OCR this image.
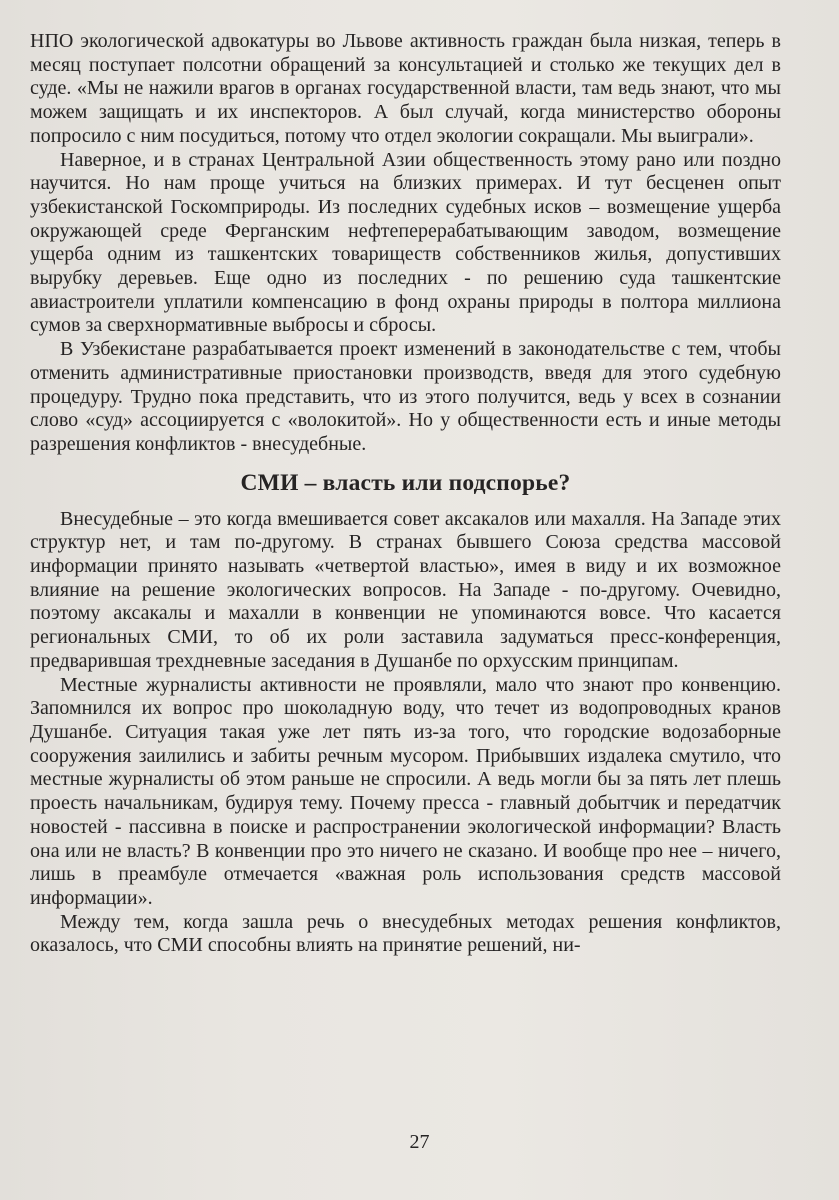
НПО экологической адвокатуры во Львове активность граждан была низкая, теперь в месяц поступает полсотни обращений за консультацией и столько же текущих дел в суде. «Мы не нажили врагов в органах государственной власти, там ведь знают, что мы можем защищать и их инспекторов. А был случай, когда министерство обороны попросило с ним посудиться, потому что отдел экологии сокращали. Мы выиграли».

Наверное, и в странах Центральной Азии общественность этому рано или поздно научится. Но нам проще учиться на близких примерах. И тут бесценен опыт узбекистанской Госкомприроды. Из последних судебных исков – возмещение ущерба окружающей среде Ферганским нефтеперерабатывающим заводом, возмещение ущерба одним из ташкентских товариществ собственников жилья, допустивших вырубку деревьев. Еще одно из последних - по решению суда ташкентские авиастроители уплатили компенсацию в фонд охраны природы в полтора миллиона сумов за сверхнормативные выбросы и сбросы.

В Узбекистане разрабатывается проект изменений в законодательстве с тем, чтобы отменить административные приостановки производств, введя для этого судебную процедуру. Трудно пока представить, что из этого получится, ведь у всех в сознании слово «суд» ассоциируется с «волокитой». Но у общественности есть и иные методы разрешения конфликтов - внесудебные.

СМИ – власть или подспорье?

Внесудебные – это когда вмешивается совет аксакалов или махалля. На Западе этих структур нет, и там по-другому. В странах бывшего Союза средства массовой информации принято называть «четвертой властью», имея в виду и их возможное влияние на решение экологических вопросов. На Западе - по-другому. Очевидно, поэтому аксакалы и махалли в конвенции не упоминаются вовсе. Что касается региональных СМИ, то об их роли заставила задуматься пресс-конференция, предварившая трехдневные заседания в Душанбе по орхусским принципам.

Местные журналисты активности не проявляли, мало что знают про конвенцию. Запомнился их вопрос про шоколадную воду, что течет из водопроводных кранов Душанбе. Ситуация такая уже лет пять из-за того, что городские водозаборные сооружения заилились и забиты речным мусором. Прибывших издалека смутило, что местные журналисты об этом раньше не спросили. А ведь могли бы за пять лет плешь проесть начальникам, будируя тему. Почему пресса - главный добытчик и передатчик новостей - пассивна в поиске и распространении экологической информации? Власть она или не власть? В конвенции про это ничего не сказано. И вообще про нее – ничего, лишь в преамбуле отмечается «важная роль использования средств массовой информации».

Между тем, когда зашла речь о внесудебных методах решения конфликтов, оказалось, что СМИ способны влиять на принятие решений, ни-

27
